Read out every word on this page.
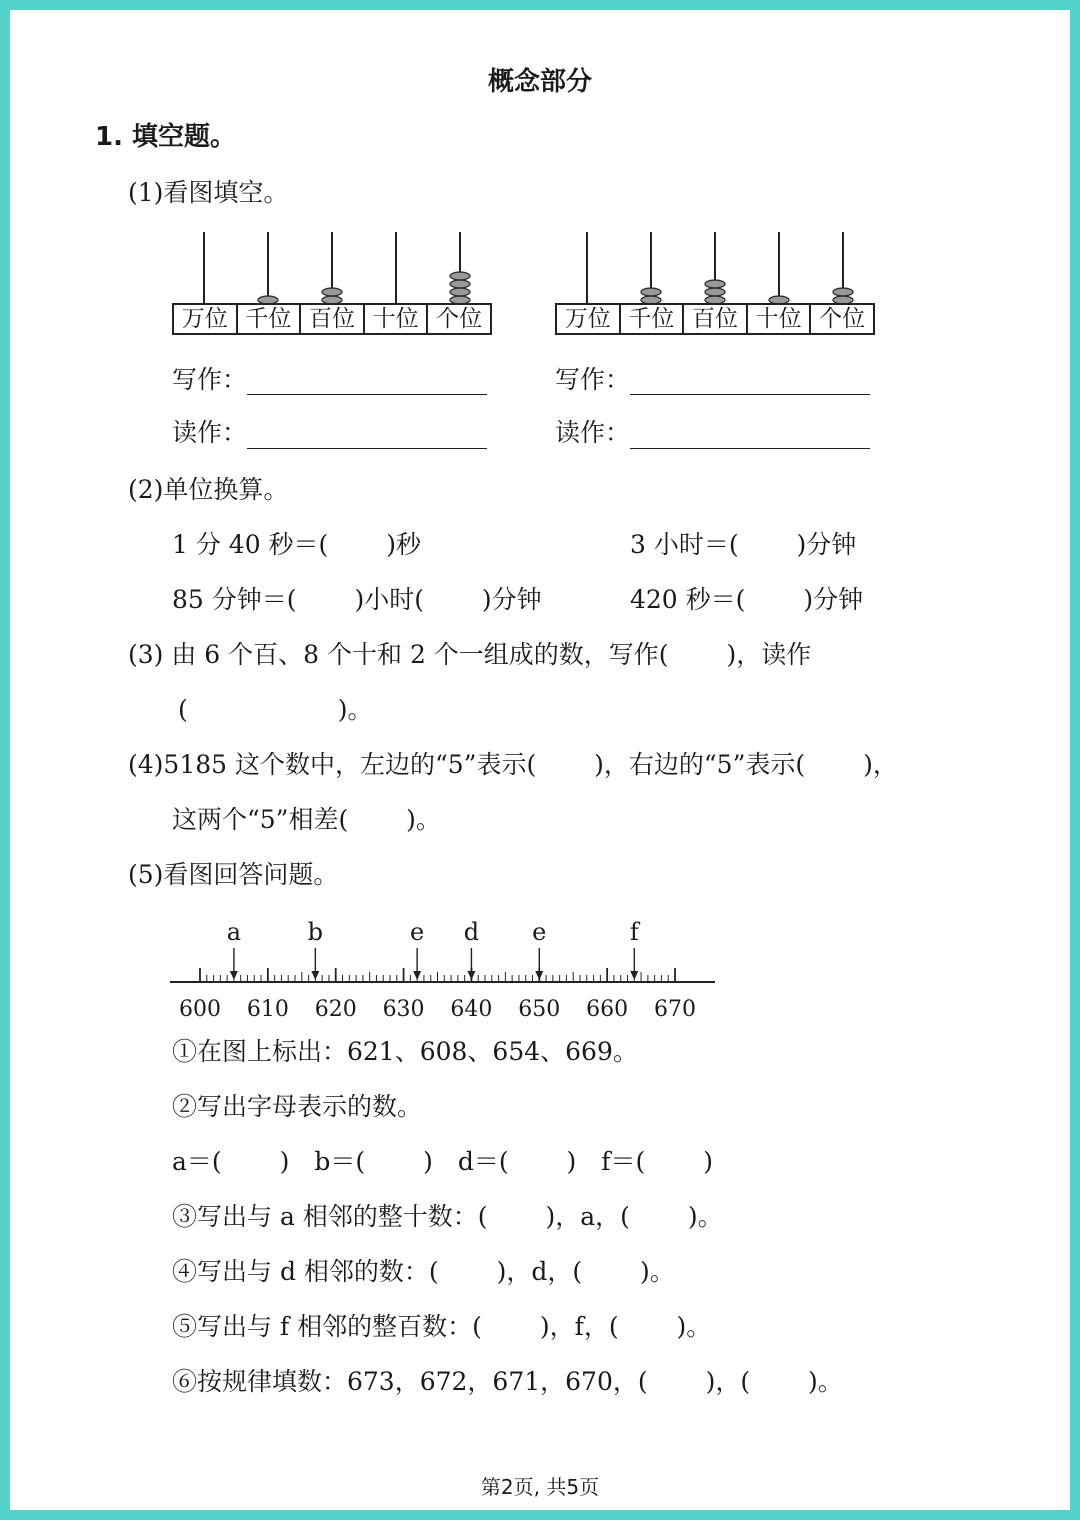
概念部分
1. 填空题。
(1)看图填空。
万位 千位 百位 十位 个位	万位 千位 百位 十位 个位
写作：
读作：
写作：
读作：
(2)单位换算。
1 分 40 秒＝(　　 )秒	3 小时＝(　　 )分钟
85 分钟＝(　　 )小时(　　 )分钟	420 秒＝(　　 )分钟
(3) 由 6 个百、8 个十和 2 个一组成的数，写作(　　 )，读作
(　　　　　　)。
(4)5185 这个数中，左边的“5”表示(　　 )，右边的“5”表示(　　 )，
这两个“5”相差(　　 )。
(5)看图回答问题。
600 610 620 630 640 650 660 670
a	b	e d e	f
①在图上标出：621、608、654、669。
②写出字母表示的数。
a＝(　　 )　b＝(　　 )　d＝(　　 )　f＝(　　 )
③写出与 a 相邻的整十数：(　　 )，a，(　　 )。
④写出与 d 相邻的数：(　　 )，d，(　　 )。
⑤写出与 f 相邻的整百数：(　　 )，f，(　　 )。
⑥按规律填数：673，672，671，670，(　　 )，(　　 )。
第2页, 共5页
